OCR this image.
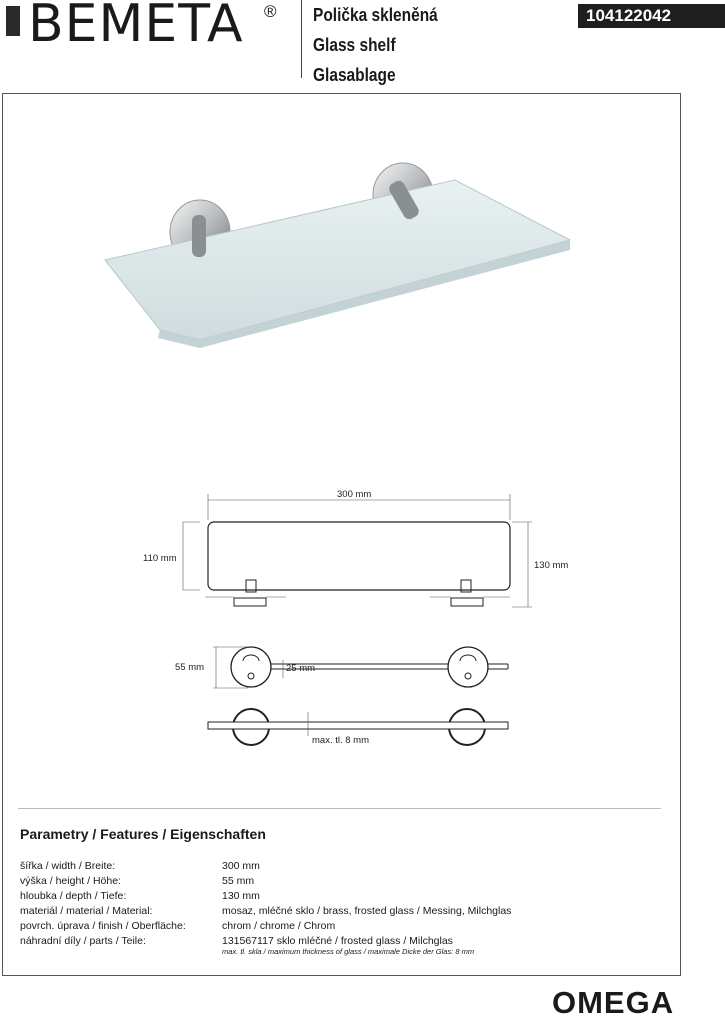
BEMETA ® Polička skleněná
Glass shelf
Glasablage
104122042
300 mm
110 mm
130 mm
55 mm	25 mm
max. tl. 8 mm
Parametry / Features / Eigenschaften
šířka / width / Breite:	300 mm
výška / height / Höhe:	55 mm
hloubka / depth / Tiefe:	130 mm
materiál / material / Material:	mosaz, mléčné sklo / brass, frosted glass / Messing, Milchglas
povrch. úprava / finish / Oberfläche:	chrom / chrome / Chrom
náhradní díly / parts / Teile:	131567117 sklo mléčné / frosted glass / Milchglas
max. tl. skla / maximum thickness of glass / maximale Dicke der Glas: 8 mm
OMEGA
